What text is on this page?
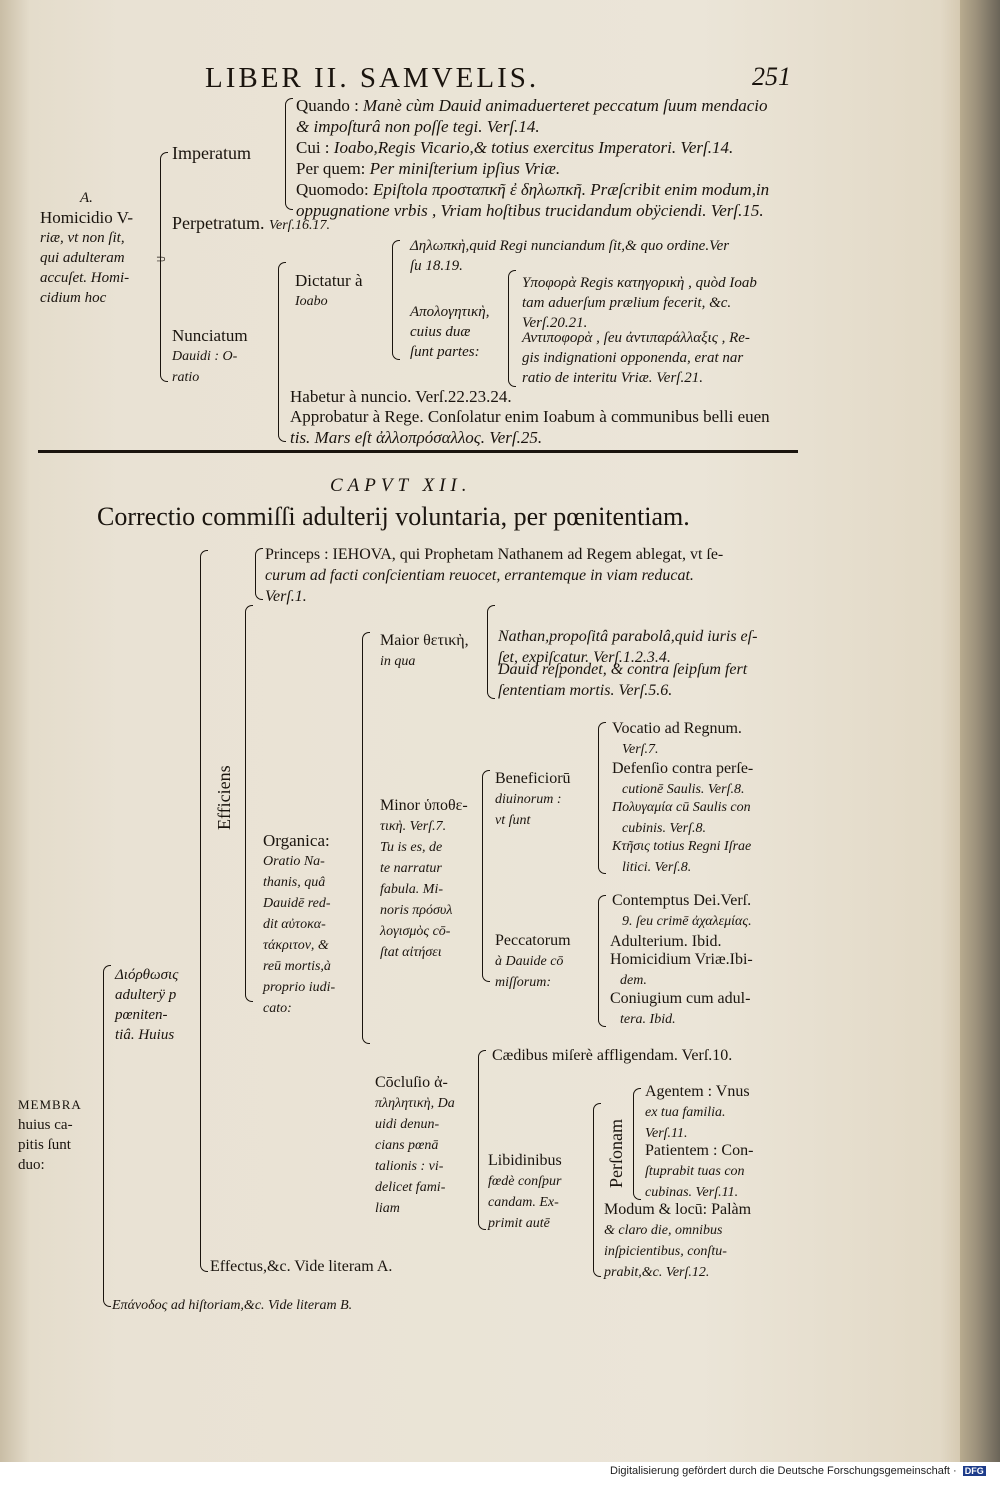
LIBER II. SAMVELIS.	251
A.
Homicidio V-
riæ, vt non ſit,
qui adulteram
accuſet. Homi-
cidium hoc
⸧
Imperatum
Perpetratum. Verſ.16.17.
Nunciatum
Dauidi : O-
ratio
Quando : Manè cùm Dauid animaduerteret peccatum ſuum mendacio
& impoſturâ non poſſe tegi. Verſ.14.
Cui : Ioabo,Regis Vicario,& totius exercitus Imperatori. Verſ.14.
Per quem: Per miniſterium ipſius Vriæ.
Quomodo: Epiſtola προσταπκῆ ἐ δηλωπκῆ. Præſcribit enim modum,in
oppugnatione vrbis , Vriam hoſtibus trucidandum obÿciendi. Verſ.15.
Dictatur à
Ioabo
Δηλωπκὴ,quid Regi nunciandum ſit,& quo ordine.Ver
ſu 18.19.
Απολογητικὴ,
cuius duæ
ſunt partes:
Υποφορὰ Regis κατηγορικὴ , quòd Ioab
tam aduerſum prælium fecerit, &c.
Verſ.20.21.
Αντιποφορὰ , ſeu ἀντιπαράλλαξις , Re-
gis indignationi opponenda, erat nar
ratio de interitu Vriæ. Verſ.21.
Habetur à nuncio. Verſ.22.23.24.
Approbatur à Rege. Conſolatur enim Ioabum à communibus belli euen
tis. Mars eſt ἀλλοπρόσαλλος. Verſ.25.
CAPVT XII.
Correctio commiſſi adulterij voluntaria, per pœnitentiam.
MEMBRA
huius ca-
pitis ſunt
duo:
Διόρθωσις
adulterÿ p
pœniten-
tiâ. Huius
Princeps : IEHOVA, qui Prophetam Nathanem ad Regem ablegat, vt ſe-
curum ad facti conſcientiam reuocet, errantemque in viam reducat.
Verſ.1.
Efficiens
Organica:
Oratio Na-
thanis, quâ
Dauidē red-
dit αὐτοκα-
τάκριτον, &
reū mortis,à
proprio iudi-
cato:
Maior θετικὴ,
in qua
Nathan,propoſitâ parabolâ,quid iuris eſ-
ſet, expiſcatur. Verſ.1.2.3.4.
Dauid reſpondet, & contra ſeipſum fert
ſententiam mortis. Verſ.5.6.
Minor ὑποθε-
τικὴ. Verſ.7.
Tu is es, de
te narratur
fabula. Mi-
noris πρόσυλ
λογισμὸς cō-
ſtat αἰτήσει
Beneficiorū
diuinorum :
vt ſunt
Vocatio ad Regnum.
Verſ.7.
Defenſio contra perſe-
cutionē Saulis. Verſ.8.
Πολυγαμία cū Saulis con
cubinis. Verſ.8.
Κτῆσις totius Regni Iſrae
litici. Verſ.8.
Peccatorum
à Dauide cō
miſſorum:
Contemptus Dei.Verſ.
9. ſeu crimē ἀχαλεμίας.
Adulterium. Ibid.
Homicidium Vriæ.Ibi-
dem.
Coniugium cum adul-
tera. Ibid.
Cōcluſio ἀ-
πληλητικὴ, Da
uidi denun-
cians pœnā
talionis : vi-
delicet fami-
liam
Cædibus miſerè affligendam. Verſ.10.
Libidinibus
fœdè conſpur
candam. Ex-
primit autē
Perſonam
Agentem : Vnus
ex tua familia.
Verſ.11.
Patientem : Con-
ſtuprabit tuas con
cubinas. Verſ.11.
Modum & locū: Palàm
& claro die, omnibus
inſpicientibus, conſtu-
prabit,&c. Verſ.12.
Effectus,&c. Vide literam A.
Επάνοδος ad hiſtoriam,&c. Vide literam B.
Digitalisierung gefördert durch die Deutsche Forschungsgemeinschaft · DFG
